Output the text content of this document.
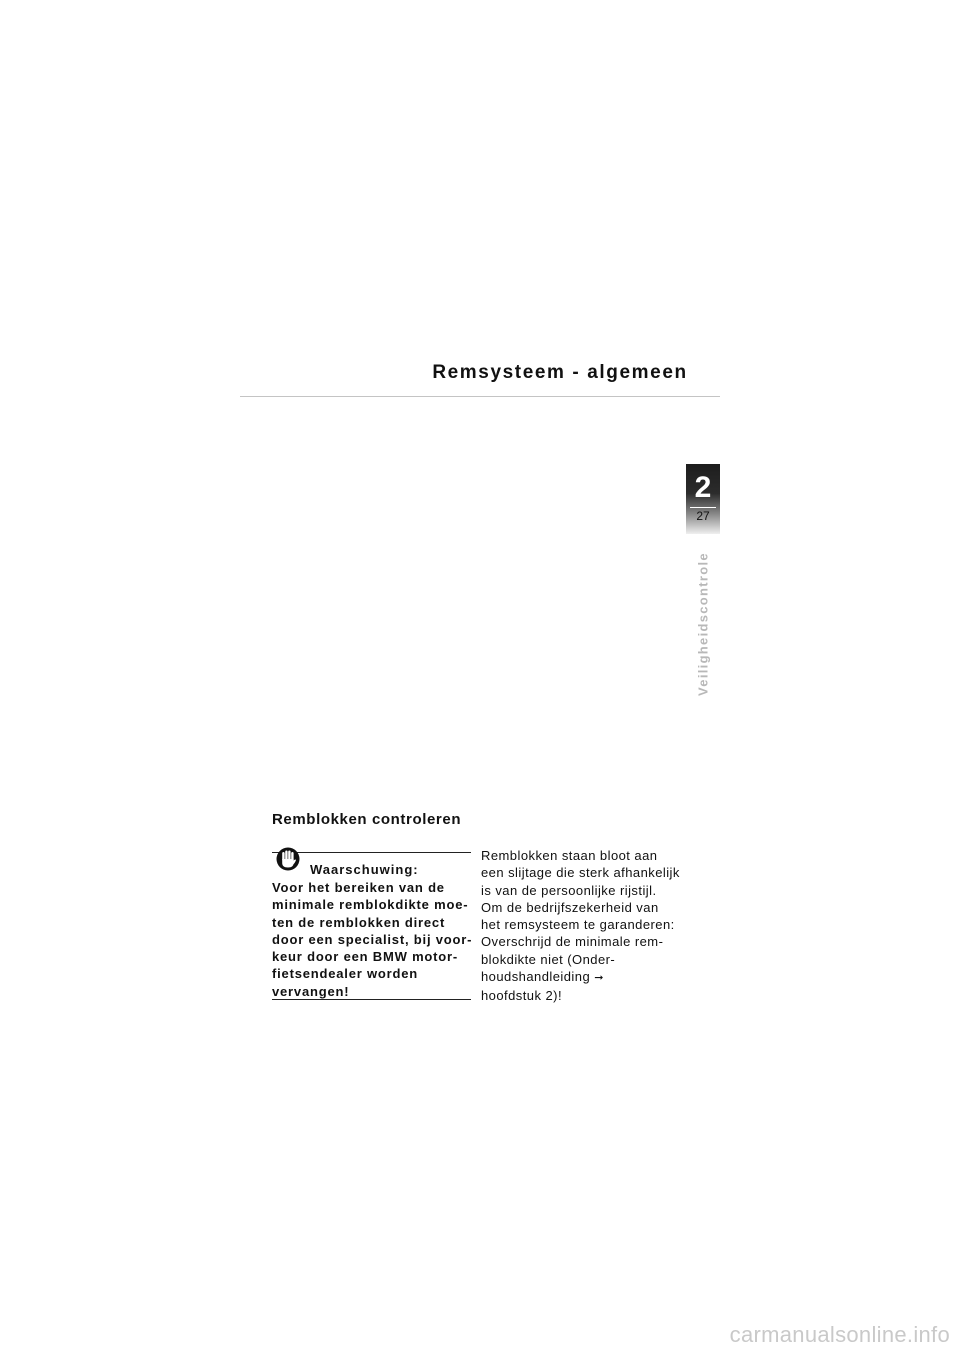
Remsysteem - algemeen
2
27
Veiligheidscontrole
Remblokken controleren
Waarschuwing:
Voor het bereiken van de
minimale remblokdikte moe-
ten de remblokken direct
door een specialist, bij voor-
keur door een BMW motor-
fietsendealer worden
vervangen!
Remblokken staan bloot aan
een slijtage die sterk afhankelijk
is van de persoonlijke rijstijl.
Om de bedrijfszekerheid van
het remsysteem te garanderen:
Overschrijd de minimale rem-
blokdikte niet (Onder-
houdshandleiding ➞
hoofdstuk 2)!
carmanualsonline.info
